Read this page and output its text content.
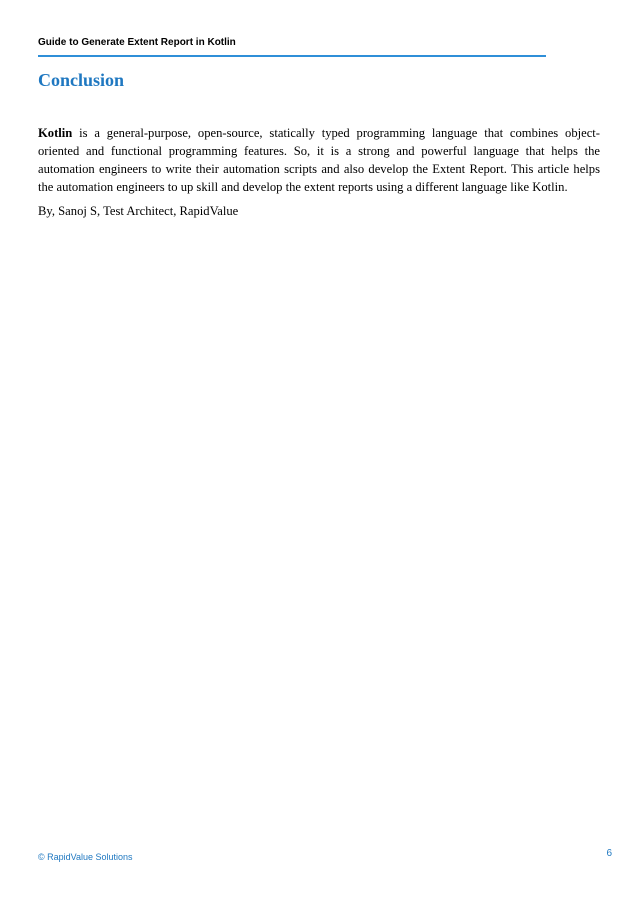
Guide to Generate Extent Report in Kotlin
Conclusion

Kotlin is a general-purpose, open-source, statically typed programming language that combines object-oriented and functional programming features. So, it is a strong and powerful language that helps the automation engineers to write their automation scripts and also develop the Extent Report. This article helps the automation engineers to up skill and develop the extent reports using a different language like Kotlin.

By, Sanoj S, Test Architect, RapidValue

© RapidValue Solutions	6
